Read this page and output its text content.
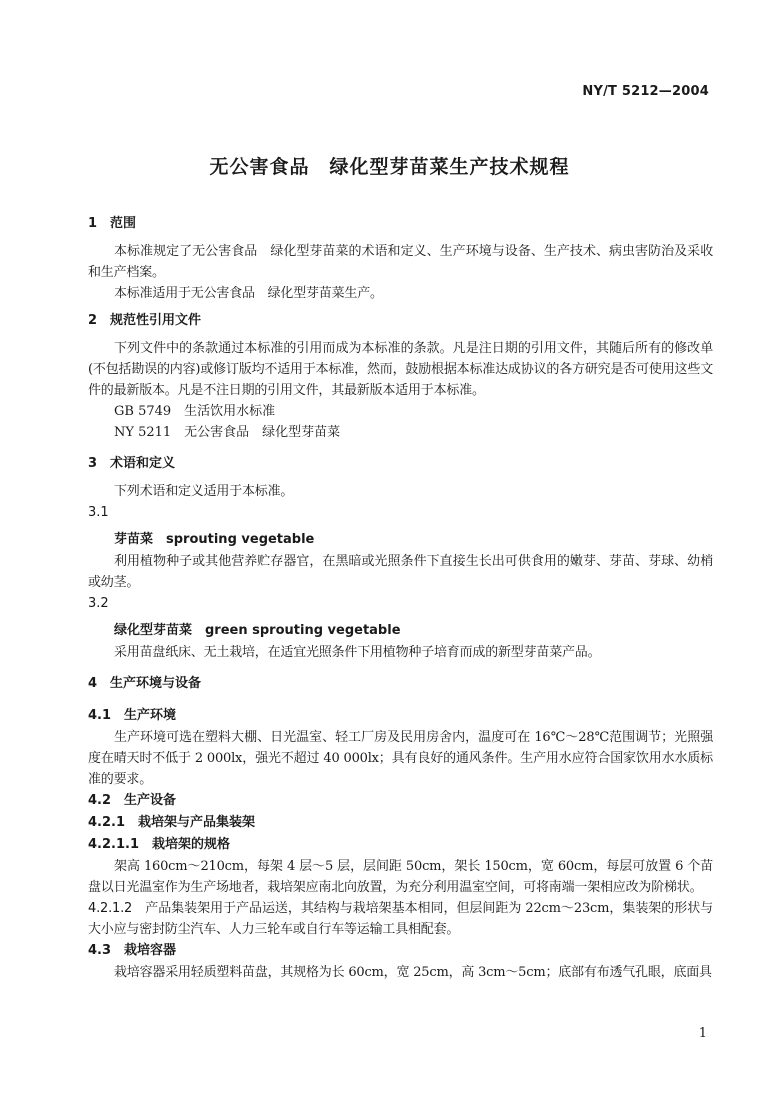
NY/T 5212—2004
无公害食品　绿化型芽苗菜生产技术规程
1　范围
本标准规定了无公害食品　绿化型芽苗菜的术语和定义、生产环境与设备、生产技术、病虫害防治及采收和生产档案。
本标准适用于无公害食品　绿化型芽苗菜生产。
2　规范性引用文件
下列文件中的条款通过本标准的引用而成为本标准的条款。凡是注日期的引用文件，其随后所有的修改单(不包括勘误的内容)或修订版均不适用于本标准，然而，鼓励根据本标准达成协议的各方研究是否可使用这些文件的最新版本。凡是不注日期的引用文件，其最新版本适用于本标准。
GB 5749　生活饮用水标准
NY 5211　无公害食品　绿化型芽苗菜
3　术语和定义
下列术语和定义适用于本标准。
3.1
芽苗菜　sprouting vegetable
利用植物种子或其他营养贮存器官，在黑暗或光照条件下直接生长出可供食用的嫩芽、芽苗、芽球、幼梢或幼茎。
3.2
绿化型芽苗菜　green sprouting vegetable
采用苗盘纸床、无土栽培，在适宜光照条件下用植物种子培育而成的新型芽苗菜产品。
4　生产环境与设备
4.1　生产环境
生产环境可选在塑料大棚、日光温室、轻工厂房及民用房舍内，温度可在 16℃～28℃范围调节；光照强度在晴天时不低于 2 000lx，强光不超过 40 000lx；具有良好的通风条件。生产用水应符合国家饮用水水质标准的要求。
4.2　生产设备
4.2.1　栽培架与产品集装架
4.2.1.1　栽培架的规格
架高 160cm～210cm，每架 4 层～5 层，层间距 50cm，架长 150cm，宽 60cm，每层可放置 6 个苗盘以日光温室作为生产场地者，栽培架应南北向放置，为充分利用温室空间，可将南端一架相应改为阶梯状。
4.2.1.2　 产品集装架用于产品运送，其结构与栽培架基本相同，但层间距为 22cm～23cm，集装架的形状与大小应与密封防尘汽车、人力三轮车或自行车等运输工具相配套。
4.3　栽培容器
栽培容器采用轻质塑料苗盘，其规格为长 60cm，宽 25cm，高 3cm～5cm；底部有布透气孔眼，底面具
1
